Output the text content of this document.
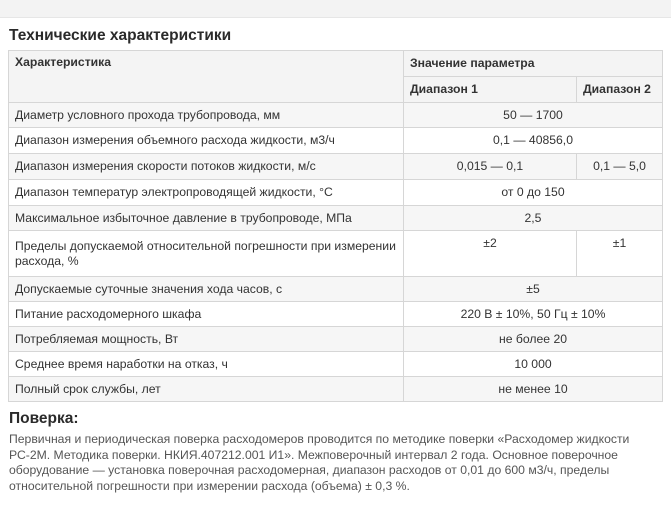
Технические характеристики
Характеристика	Значение параметра	
	Диапазон 1	Диапазон 2
Диаметр условного прохода трубопровода, мм	50 — 1700	
Диапазон измерения объемного расхода жидкости, м3/ч	0,1 — 40856,0	
Диапазон измерения скорости потоков жидкости, м/с	0,015 — 0,1	0,1 — 5,0
Диапазон температур электропроводящей жидкости, °С	от 0 до 150	
Максимальное избыточное давление в трубопроводе, МПа	2,5	
Пределы допускаемой относительной погрешности при измерении расхода, %	±2	±1
Допускаемые суточные значения хода часов, с	±5	
Питание расходомерного шкафа	220 В ± 10%, 50 Гц ± 10%	
Потребляемая мощность, Вт	не более 20	
Среднее время наработки на отказ, ч	10 000	
Полный срок службы, лет	не менее 10	
Поверка:

Первичная и периодическая поверка расходомеров проводится по методике поверки «Расходомер жидкости РС-2М. Методика поверки. НКИЯ.407212.001 И1». Межповерочный интервал 2 года. Основное поверочное оборудование — установка поверочная расходомерная, диапазон расходов от 0,01 до 600 м3/ч, пределы относительной погрешности при измерении расхода (объема) ± 0,3 %.
